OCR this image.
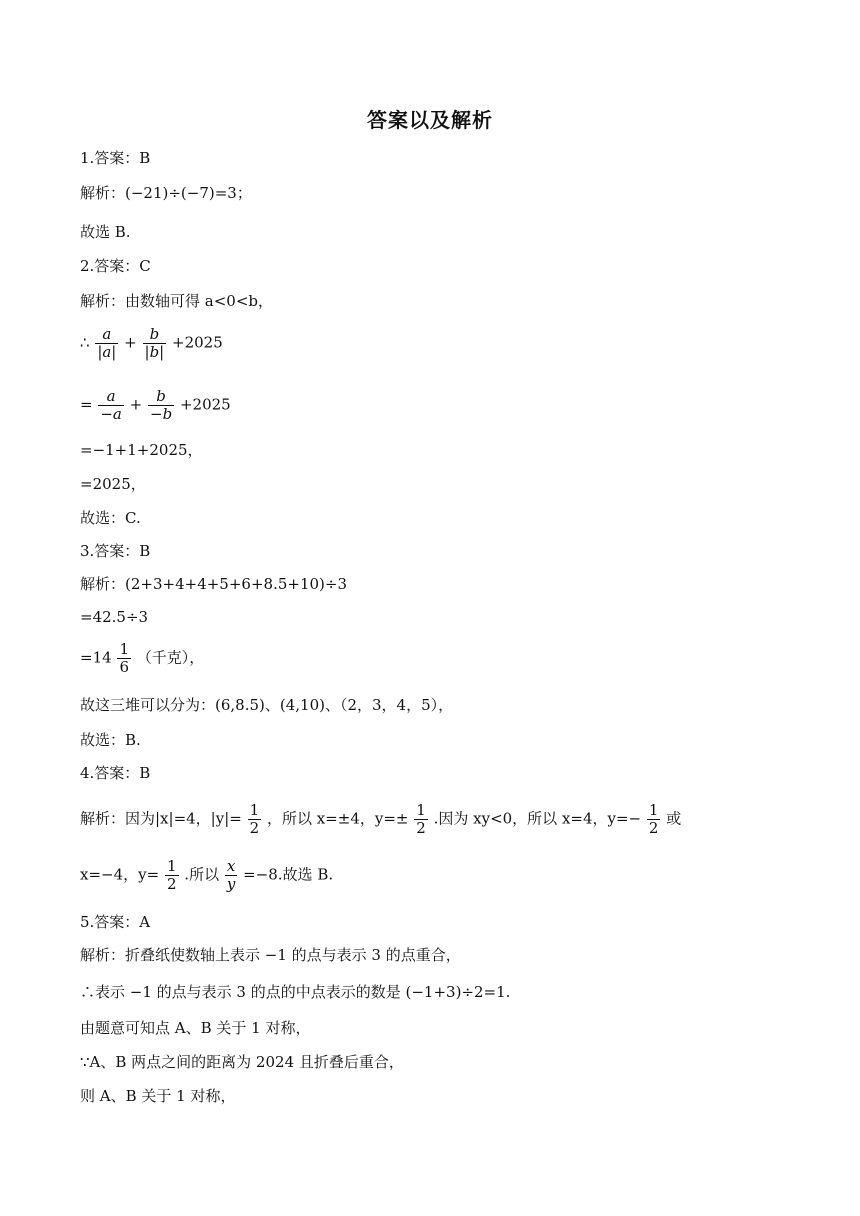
答案以及解析
1.答案：B
解析：(−21)÷(−7)=3；
故选 B.
2.答案：C
解析：由数轴可得 a<0<b，
∴ $\frac{a}{|a|} + \frac{b}{|b|} +2025$
= $\frac{a}{-a} + \frac{b}{-b} +2025$
=−1+1+2025，
=2025，
故选：C.
3.答案：B
解析：(2+3+4+4+5+6+8.5+10)÷3
=42.5÷3
$=14 \frac{1}{6}$ （千克），
故这三堆可以分为：(6,8.5)、(4,10)、（2，3，4，5），
故选：B.
4.答案：B
解析：因为|x|=4，$|y|= \frac{1}{2}$ ，所以 x=±4，$y=\pm \frac{1}{2}$ .因为 xy<0，所以 x=4，$y=- \frac{1}{2}$ 或
x=−4，$y= \frac{1}{2}$ .所以 $\frac{x}{y} =-8$.故选 B.
5.答案：A
解析：折叠纸使数轴上表示 −1 的点与表示 3 的点重合，
∴表示 −1 的点与表示 3 的点的中点表示的数是 (−1+3)÷2=1.
由题意可知点 A、B 关于 1 对称，
∵A、B 两点之间的距离为 2024 且折叠后重合，
则 A、B 关于 1 对称，
